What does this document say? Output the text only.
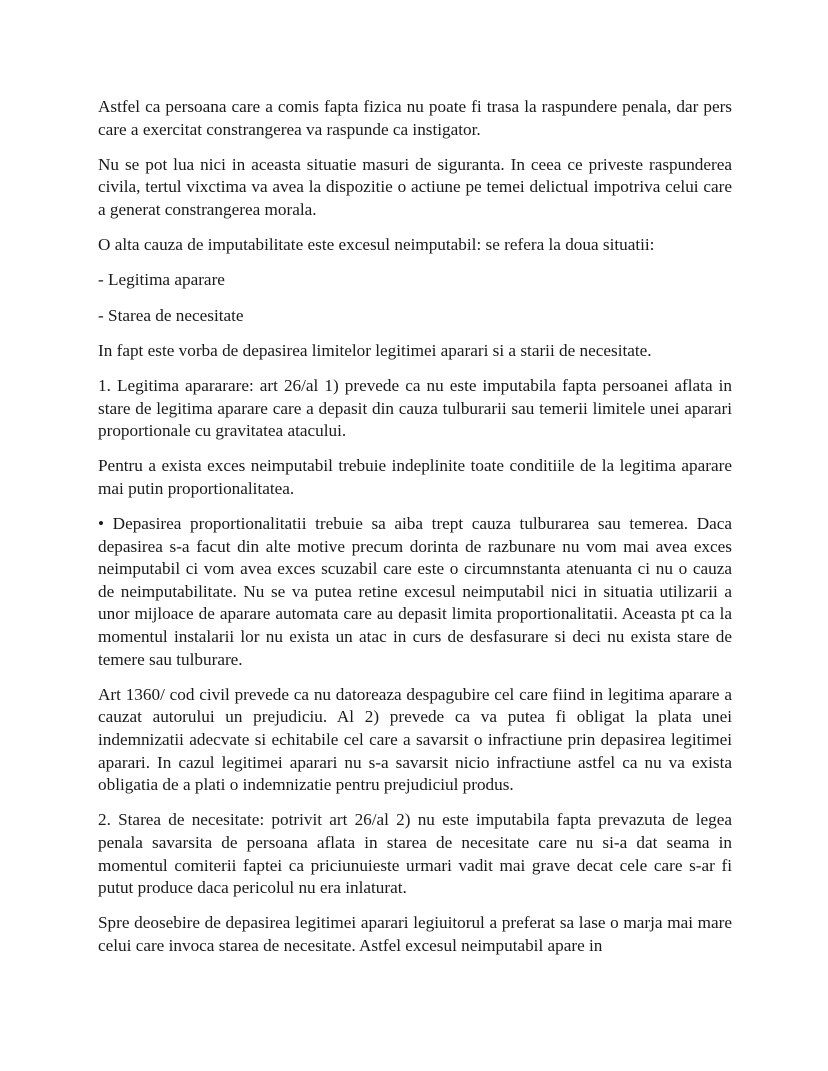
Astfel ca persoana care a comis fapta fizica nu poate fi trasa la raspundere penala, dar pers care a exercitat constrangerea va raspunde ca instigator.

Nu se pot lua nici in aceasta situatie masuri de siguranta. In ceea ce priveste raspunderea civila, tertul vixctima va avea la dispozitie o actiune pe temei delictual impotriva celui care a generat constrangerea morala.

O alta cauza de imputabilitate este excesul neimputabil: se refera la doua situatii:

- Legitima aparare

- Starea de necesitate

In fapt este vorba de depasirea limitelor legitimei aparari si a starii de necesitate.

1. Legitima apararare: art 26/al 1) prevede ca nu este imputabila fapta persoanei aflata in stare de legitima aparare care a depasit din cauza tulburarii sau temerii limitele unei aparari proportionale cu gravitatea atacului.

Pentru a exista exces neimputabil trebuie indeplinite toate conditiile de la legitima aparare mai putin proportionalitatea.

• Depasirea proportionalitatii trebuie sa aiba trept cauza tulburarea sau temerea. Daca depasirea s-a facut din alte motive precum dorinta de razbunare nu vom mai avea exces neimputabil ci vom avea exces scuzabil care este o circumnstanta atenuanta ci nu o cauza de neimputabilitate. Nu se va putea retine excesul neimputabil nici in situatia utilizarii a unor mijloace de aparare automata care au depasit limita proportionalitatii. Aceasta pt ca la momentul instalarii lor nu exista un atac in curs de desfasurare si deci nu exista stare de temere sau tulburare.

Art 1360/ cod civil prevede ca nu datoreaza despagubire cel care fiind in legitima aparare a cauzat autorului un prejudiciu. Al 2) prevede ca va putea fi obligat la plata unei indemnizatii adecvate si echitabile cel care a savarsit o infractiune prin depasirea legitimei aparari. In cazul legitimei aparari nu s-a savarsit nicio infractiune astfel ca nu va exista obligatia de a plati o indemnizatie pentru prejudiciul produs.

2. Starea de necesitate: potrivit art 26/al 2) nu este imputabila fapta prevazuta de legea penala savarsita de persoana aflata in starea de necesitate care nu si-a dat seama in momentul comiterii faptei ca priciunuieste urmari vadit mai grave decat cele care s-ar fi putut produce daca pericolul nu era inlaturat.

Spre deosebire de depasirea legitimei aparari legiuitorul a preferat sa lase o marja mai mare celui care invoca starea de necesitate. Astfel excesul neimputabil apare in
